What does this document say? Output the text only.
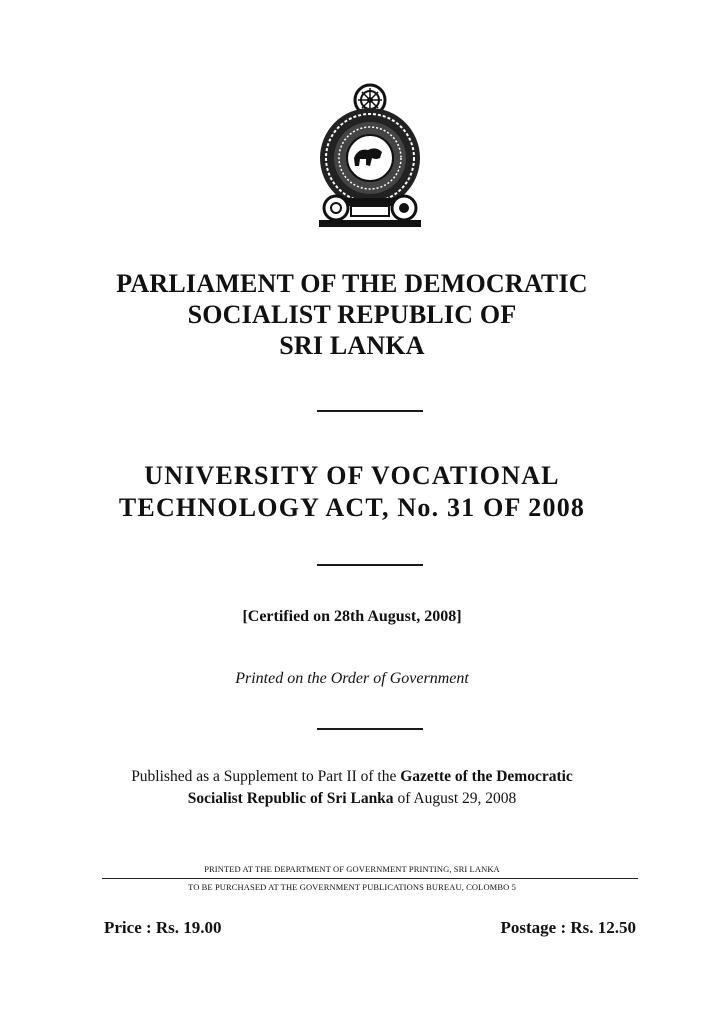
PARLIAMENT OF THE DEMOCRATIC
SOCIALIST REPUBLIC OF
SRI LANKA
UNIVERSITY OF VOCATIONAL
TECHNOLOGY ACT, No. 31 OF 2008
[Certified on 28th August, 2008]
Printed on the Order of Government
Published as a Supplement to Part II of the Gazette of the Democratic
Socialist Republic of Sri Lanka of August 29, 2008
PRINTED AT THE DEPARTMENT OF GOVERNMENT PRINTING, SRI LANKA
TO BE PURCHASED AT THE GOVERNMENT PUBLICATIONS BUREAU, COLOMBO 5
Price : Rs. 19.00	Postage : Rs. 12.50
